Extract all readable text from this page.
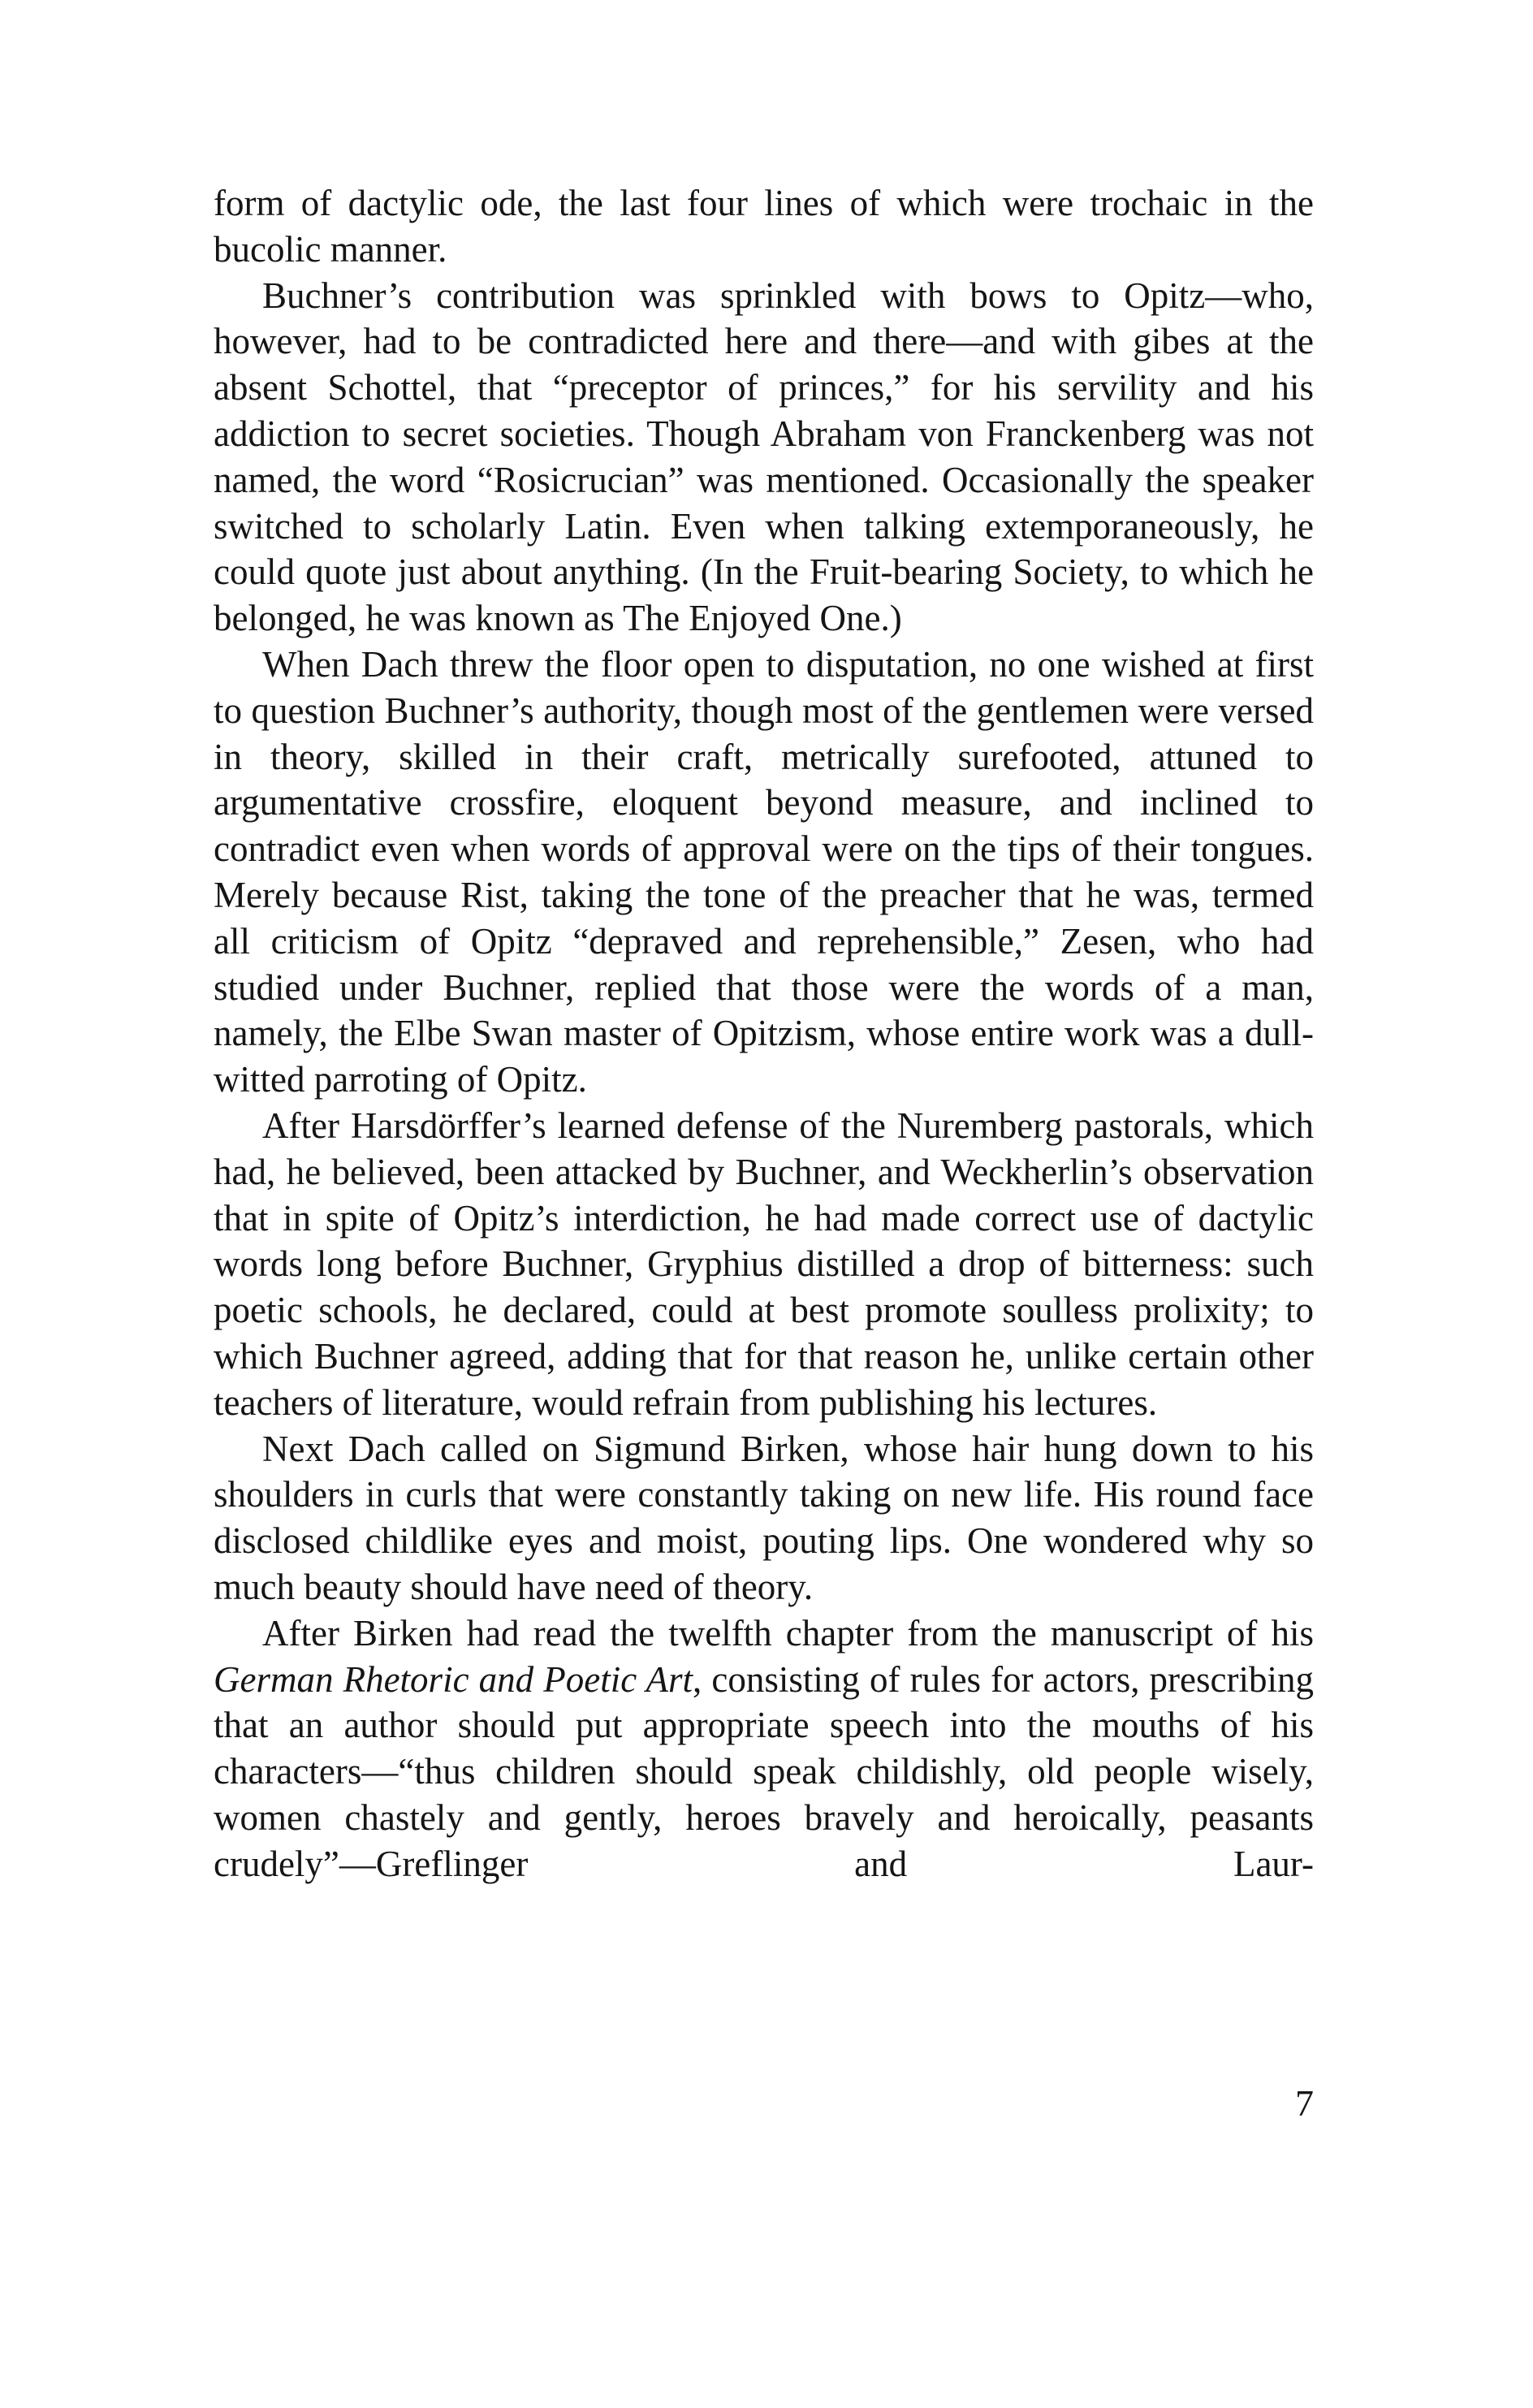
form of dactylic ode, the last four lines of which were trochaic in the bucolic manner.

Buchner’s contribution was sprinkled with bows to Opitz—who, however, had to be contradicted here and there—and with gibes at the absent Schottel, that “preceptor of princes,” for his servility and his addiction to secret societies. Though Abraham von Franckenberg was not named, the word “Rosicrucian” was mentioned. Occasionally the speaker switched to scholarly Latin. Even when talking extemporaneously, he could quote just about anything. (In the Fruit-bearing Society, to which he belonged, he was known as The Enjoyed One.)

When Dach threw the floor open to disputation, no one wished at first to question Buchner’s authority, though most of the gentlemen were versed in theory, skilled in their craft, metrically surefooted, attuned to argumentative crossfire, eloquent beyond measure, and inclined to contradict even when words of approval were on the tips of their tongues. Merely because Rist, taking the tone of the preacher that he was, termed all criticism of Opitz “depraved and reprehensible,” Zesen, who had studied under Buchner, replied that those were the words of a man, namely, the Elbe Swan master of Opitzism, whose entire work was a dull-witted parroting of Opitz.

After Harsdörffer’s learned defense of the Nuremberg pastorals, which had, he believed, been attacked by Buchner, and Weckherlin’s observation that in spite of Opitz’s interdiction, he had made correct use of dactylic words long before Buchner, Gryphius distilled a drop of bitterness: such poetic schools, he declared, could at best promote soulless prolixity; to which Buchner agreed, adding that for that reason he, unlike certain other teachers of literature, would refrain from publishing his lectures.

Next Dach called on Sigmund Birken, whose hair hung down to his shoulders in curls that were constantly taking on new life. His round face disclosed childlike eyes and moist, pouting lips. One wondered why so much beauty should have need of theory.

After Birken had read the twelfth chapter from the manuscript of his German Rhetoric and Poetic Art, consisting of rules for actors, prescribing that an author should put appropriate speech into the mouths of his characters—“thus children should speak childishly, old people wisely, women chastely and gently, heroes bravely and heroically, peasants crudely”—Greflinger and Laur-

7
